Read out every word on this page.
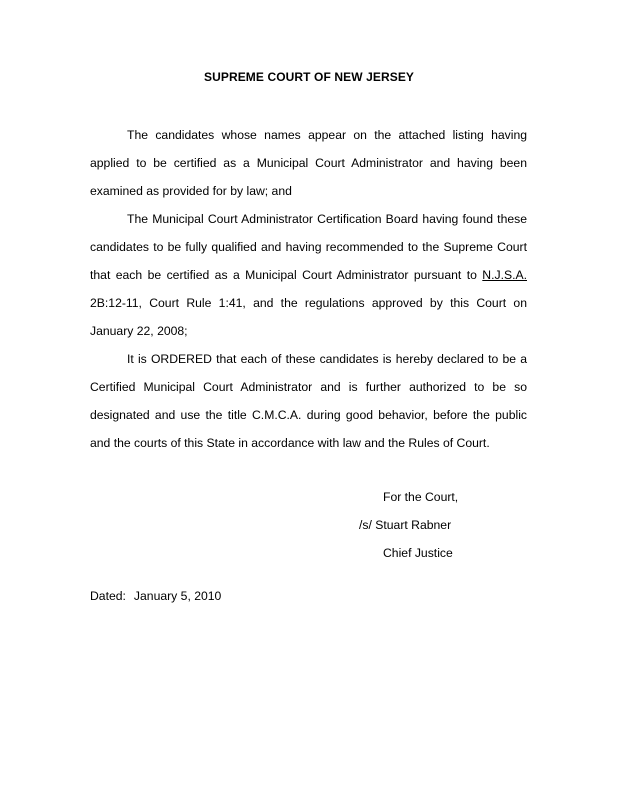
SUPREME COURT OF NEW JERSEY
The candidates whose names appear on the attached listing having applied to be certified as a Municipal Court Administrator and having been examined as provided for by law; and
The Municipal Court Administrator Certification Board having found these candidates to be fully qualified and having recommended to the Supreme Court that each be certified as a Municipal Court Administrator pursuant to N.J.S.A. 2B:12-11, Court Rule 1:41, and the regulations approved by this Court on January 22, 2008;
It is ORDERED that each of these candidates is hereby declared to be a Certified Municipal Court Administrator and is further authorized to be so designated and use the title C.M.C.A. during good behavior, before the public and the courts of this State in accordance with law and the Rules of Court.
For the Court,
/s/ Stuart Rabner
Chief Justice
Dated: January 5, 2010
